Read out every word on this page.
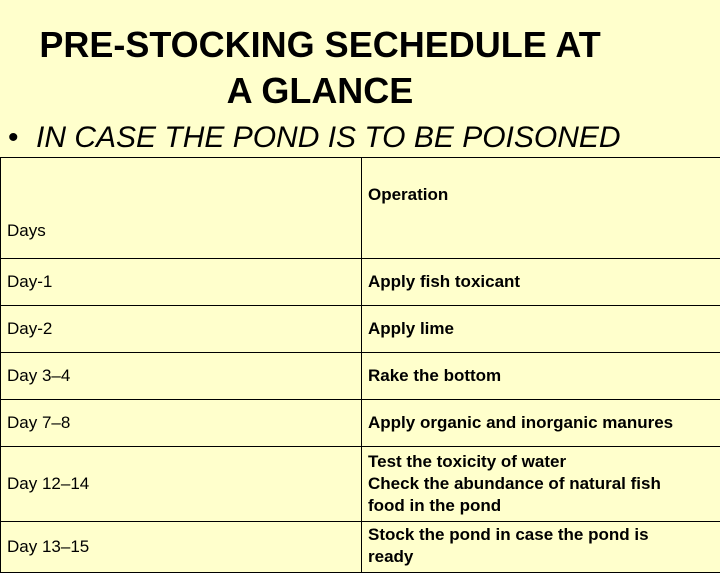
PRE-STOCKING SECHEDULE AT
A GLANCE
• IN CASE THE POND IS TO BE POISONED
Days	Operation
Day-1	Apply fish toxicant

Day-2	Apply lime

Day 3–4	Rake the bottom

Day 7–8	Apply organic and inorganic manures

Day 12–14	Test the toxicity of water
Check the abundance of natural fish
food in the pond

Day 13–15	Stock the pond in case the pond is
ready
